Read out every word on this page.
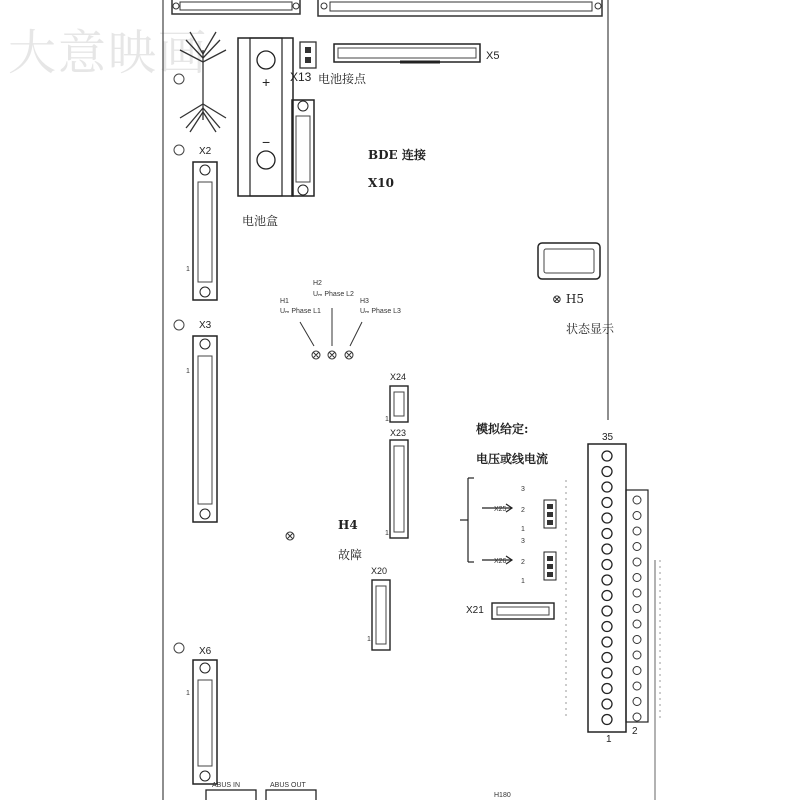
大意映画	X13 电池接点
X5
+
−
BDE 连接
X10
电池盒
X2
X3
X6
⊗ H5
状态显示
H1
Uₘ Phase L1
H2
Uₘ Phase L2
H3
Uₘ Phase L3
X24
X23
X20
H4
故障
模拟给定:
电压或线电流
X25
X26
3
2
1
3
2
1
X21
35
1
2
ABUS IN	ABUS OUT
H180
1
1
1
1
1
1
